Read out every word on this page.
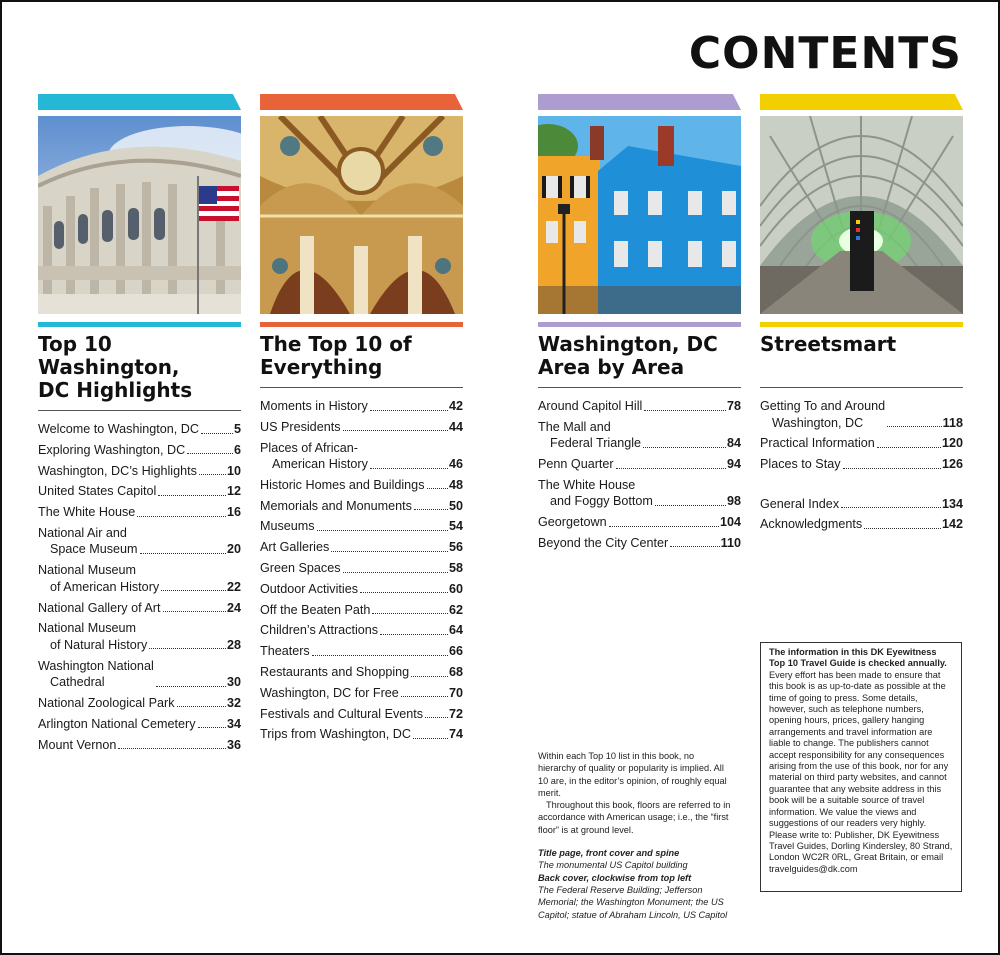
CONTENTS
Top 10 Washington,
DC Highlights
Welcome to Washington, DC	5
Exploring Washington, DC	6
Washington, DC’s Highlights 10
United States Capitol	12
The White House	16
National Air and
Space Museum	20
National Museum
of American History	22
National Gallery of Art	24
National Museum
of Natural History	28
Washington National
Cathedral	30
National Zoological Park	32
Arlington National Cemetery 34
Mount Vernon	36
The Top 10 of
Everything
Moments in History	42
US Presidents	44
Places of African-
American History	46
Historic Homes and Buildings 48
Memorials and Monuments	50
Museums	54
Art Galleries	56
Green Spaces	58
Outdoor Activities	60
Off the Beaten Path	62
Children’s Attractions	64
Theaters	66
Restaurants and Shopping	68
Washington, DC for Free	70
Festivals and Cultural Events 72
Trips from Washington, DC	74
Washington, DC
Area by Area
Around Capitol Hill	78
The Mall and
Federal Triangle	84
Penn Quarter	94
The White House
and Foggy Bottom	98
Georgetown	104
Beyond the City Center	110
Streetsmart

Getting To and Around
Washington, DC	118
Practical Information	120
Places to Stay	126
General Index	134
Acknowledgments	142

Within each Top 10 list in this book, no hierarchy of quality or popularity is implied. All 10 are, in the editor’s opinion, of roughly equal merit.

Throughout this book, floors are referred to in accordance with American usage; i.e., the “first floor” is at ground level.

Title page, front cover and spine
The monumental US Capitol building
Back cover, clockwise from top left
The Federal Reserve Building; Jefferson Memorial; the Washington Monument; the US Capitol; statue of Abraham Lincoln, US Capitol
The information in this DK Eyewitness Top 10 Travel Guide is checked annually.
Every effort has been made to ensure that this book is as up-to-date as possible at the time of going to press. Some details, however, such as telephone numbers, opening hours, prices, gallery hanging arrangements and travel information are liable to change. The publishers cannot accept responsibility for any consequences arising from the use of this book, nor for any material on third party websites, and cannot guarantee that any website address in this book will be a suitable source of travel information. We value the views and suggestions of our readers very highly. Please write to: Publisher, DK Eyewitness Travel Guides, Dorling Kindersley, 80 Strand, London WC2R 0RL, Great Britain, or email travelguides@dk.com
